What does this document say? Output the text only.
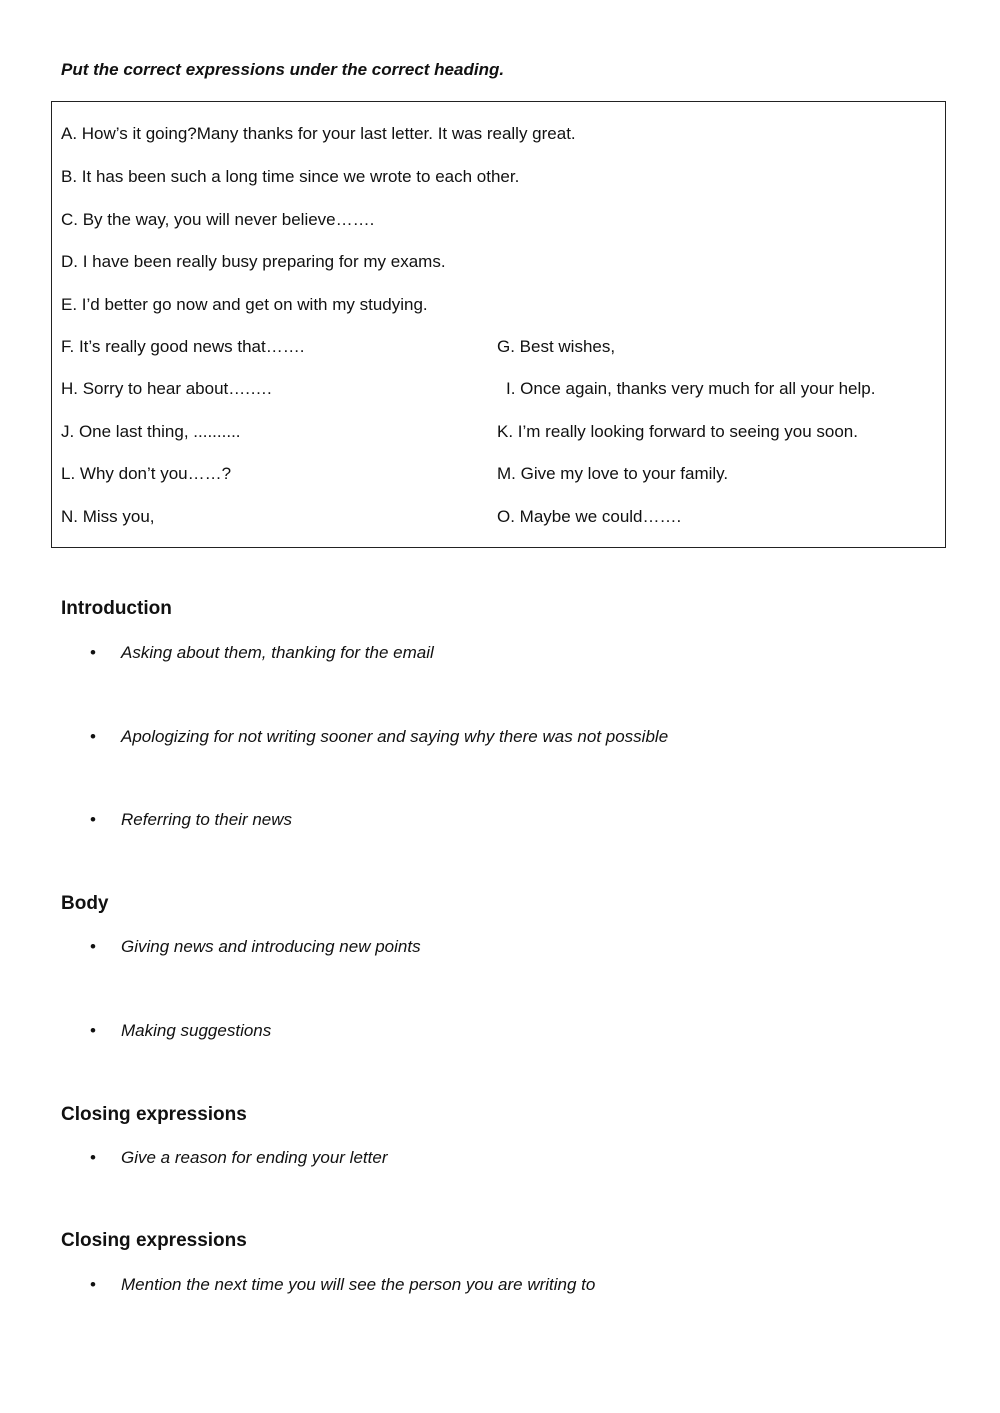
Put the correct expressions under the correct heading.

A. How’s it going?Many thanks for your last letter. It was really great.

B. It has been such a long time since we wrote to each other.

C. By the way, you will never believe…….

D. I have been really busy preparing for my exams.

E. I’d better go now and get on with my studying.

F. It’s really good news that…….	G. Best wishes,

H. Sorry to hear about….….	I. Once again, thanks very much for all your help.

J. One last thing, ..........	K. I’m really looking forward to seeing you soon.

L. Why don’t you……?	M. Give my love to your family.

N. Miss you,	O. Maybe we could…….

Introduction

• Asking about them, thanking for the email

• Apologizing for not writing sooner and saying why there was not possible

• Referring to their news

Body

• Giving news and introducing new points

• Making suggestions

Closing expressions

• Give a reason for ending your letter

Closing expressions

• Mention the next time you will see the person you are writing to
